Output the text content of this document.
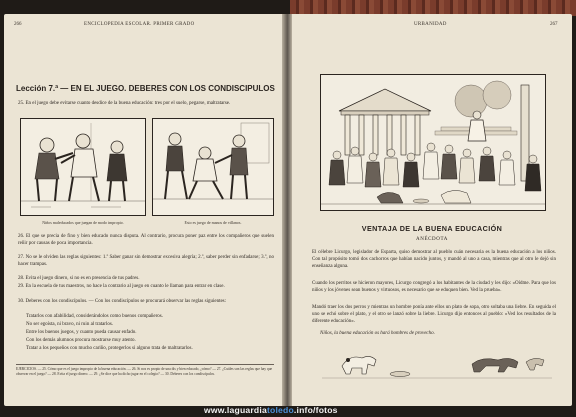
266	ENCICLOPEDIA ESCOLAR. PRIMER GRADO
Lección 7.ª — EN EL JUEGO. DEBERES CON LOS CONDISCIPULOS
25. En el juego debe evitarse cuanto desdice de la buena educación: tres por el suelo, pegarse, maltratarse.
Niños maleducados que juegan de modo impropio.	Esto es juego de manos de villanos.
26. El que se precia de fino y bien educado nunca disputa. Al contrario, procura poner paz entre los compañeros que suelen reñir por causas de poca importancia.
27. No se le olviden las reglas siguientes: 1.º Saber ganar sin demostrar excesiva alegría; 2.º, saber perder sin enfadarse; 3.º, no hacer trampas.
28. Evita el juego dinero, si no es en presencia de tus padres.
29. En la escuela de tus maestros, no hace la contrario al juego en cuanto le llaman para entrar en clase.
30. Deberes con los condiscípulos. — Con los condiscípulos se procurará observar las reglas siguientes:
Tratarlos con afabilidad, considerándolos como buenos compañeros.
No ser egoísta, ni bravo, ni ruin al tratarlos.
Entre los buenos juegos, y cuanto pueda causar enfado.
Con los demás alumnos procura mostrarse muy atento.
Tratar a los pequeños con mucho cariño, protegerlos si alguno trata de maltratarlos.
EJERCICIOS. — 25. Cómo que es el juego impropio de la buena educación. — 26. Si nos es propio de una dis y bien educado, ¿cómo? — 27. ¿Cuáles son las reglas que hay que observar en el juego? — 28. Evita el juego dinero. — 29. ¿Se dice que ha dicho jugar en el colegio? — 30. Deberes con los condiscípulos.
URBANIDAD	267
VENTAJA DE LA BUENA EDUCACIÓN
ANÉCDOTA
El célebre Licurgo, legislador de Esparta, quiso demostrar al pueblo cuán necesaria es la buena educación a los niños. Con tal propósito tomó dos cachorros que habían nacido juntos, y mandó al uno a casa, mientras que al otro le dejó sin enseñanza alguna.
Cuando los perritos se hicieron mayores, Licurgo congregó a los habitantes de la ciudad y les dijo: «Oídme. Para que los niños y los jóvenes sean buenos y virtuosos, es necesario que se eduquen bien. Ved la prueba».
Mandó traer los dos perros y mientras un hombre ponía ante ellos un plato de sopa, otro soltaba una liebre. En seguida el uno se echó sobre el plato, y el otro se lanzó sobre la liebre. Licurgo dijo entonces al pueblo: «Ved los resultados de la diferente educación».
Niños, la buena educación os hará hombres de provecho.
www.laguardiatoledo.info/fotos
